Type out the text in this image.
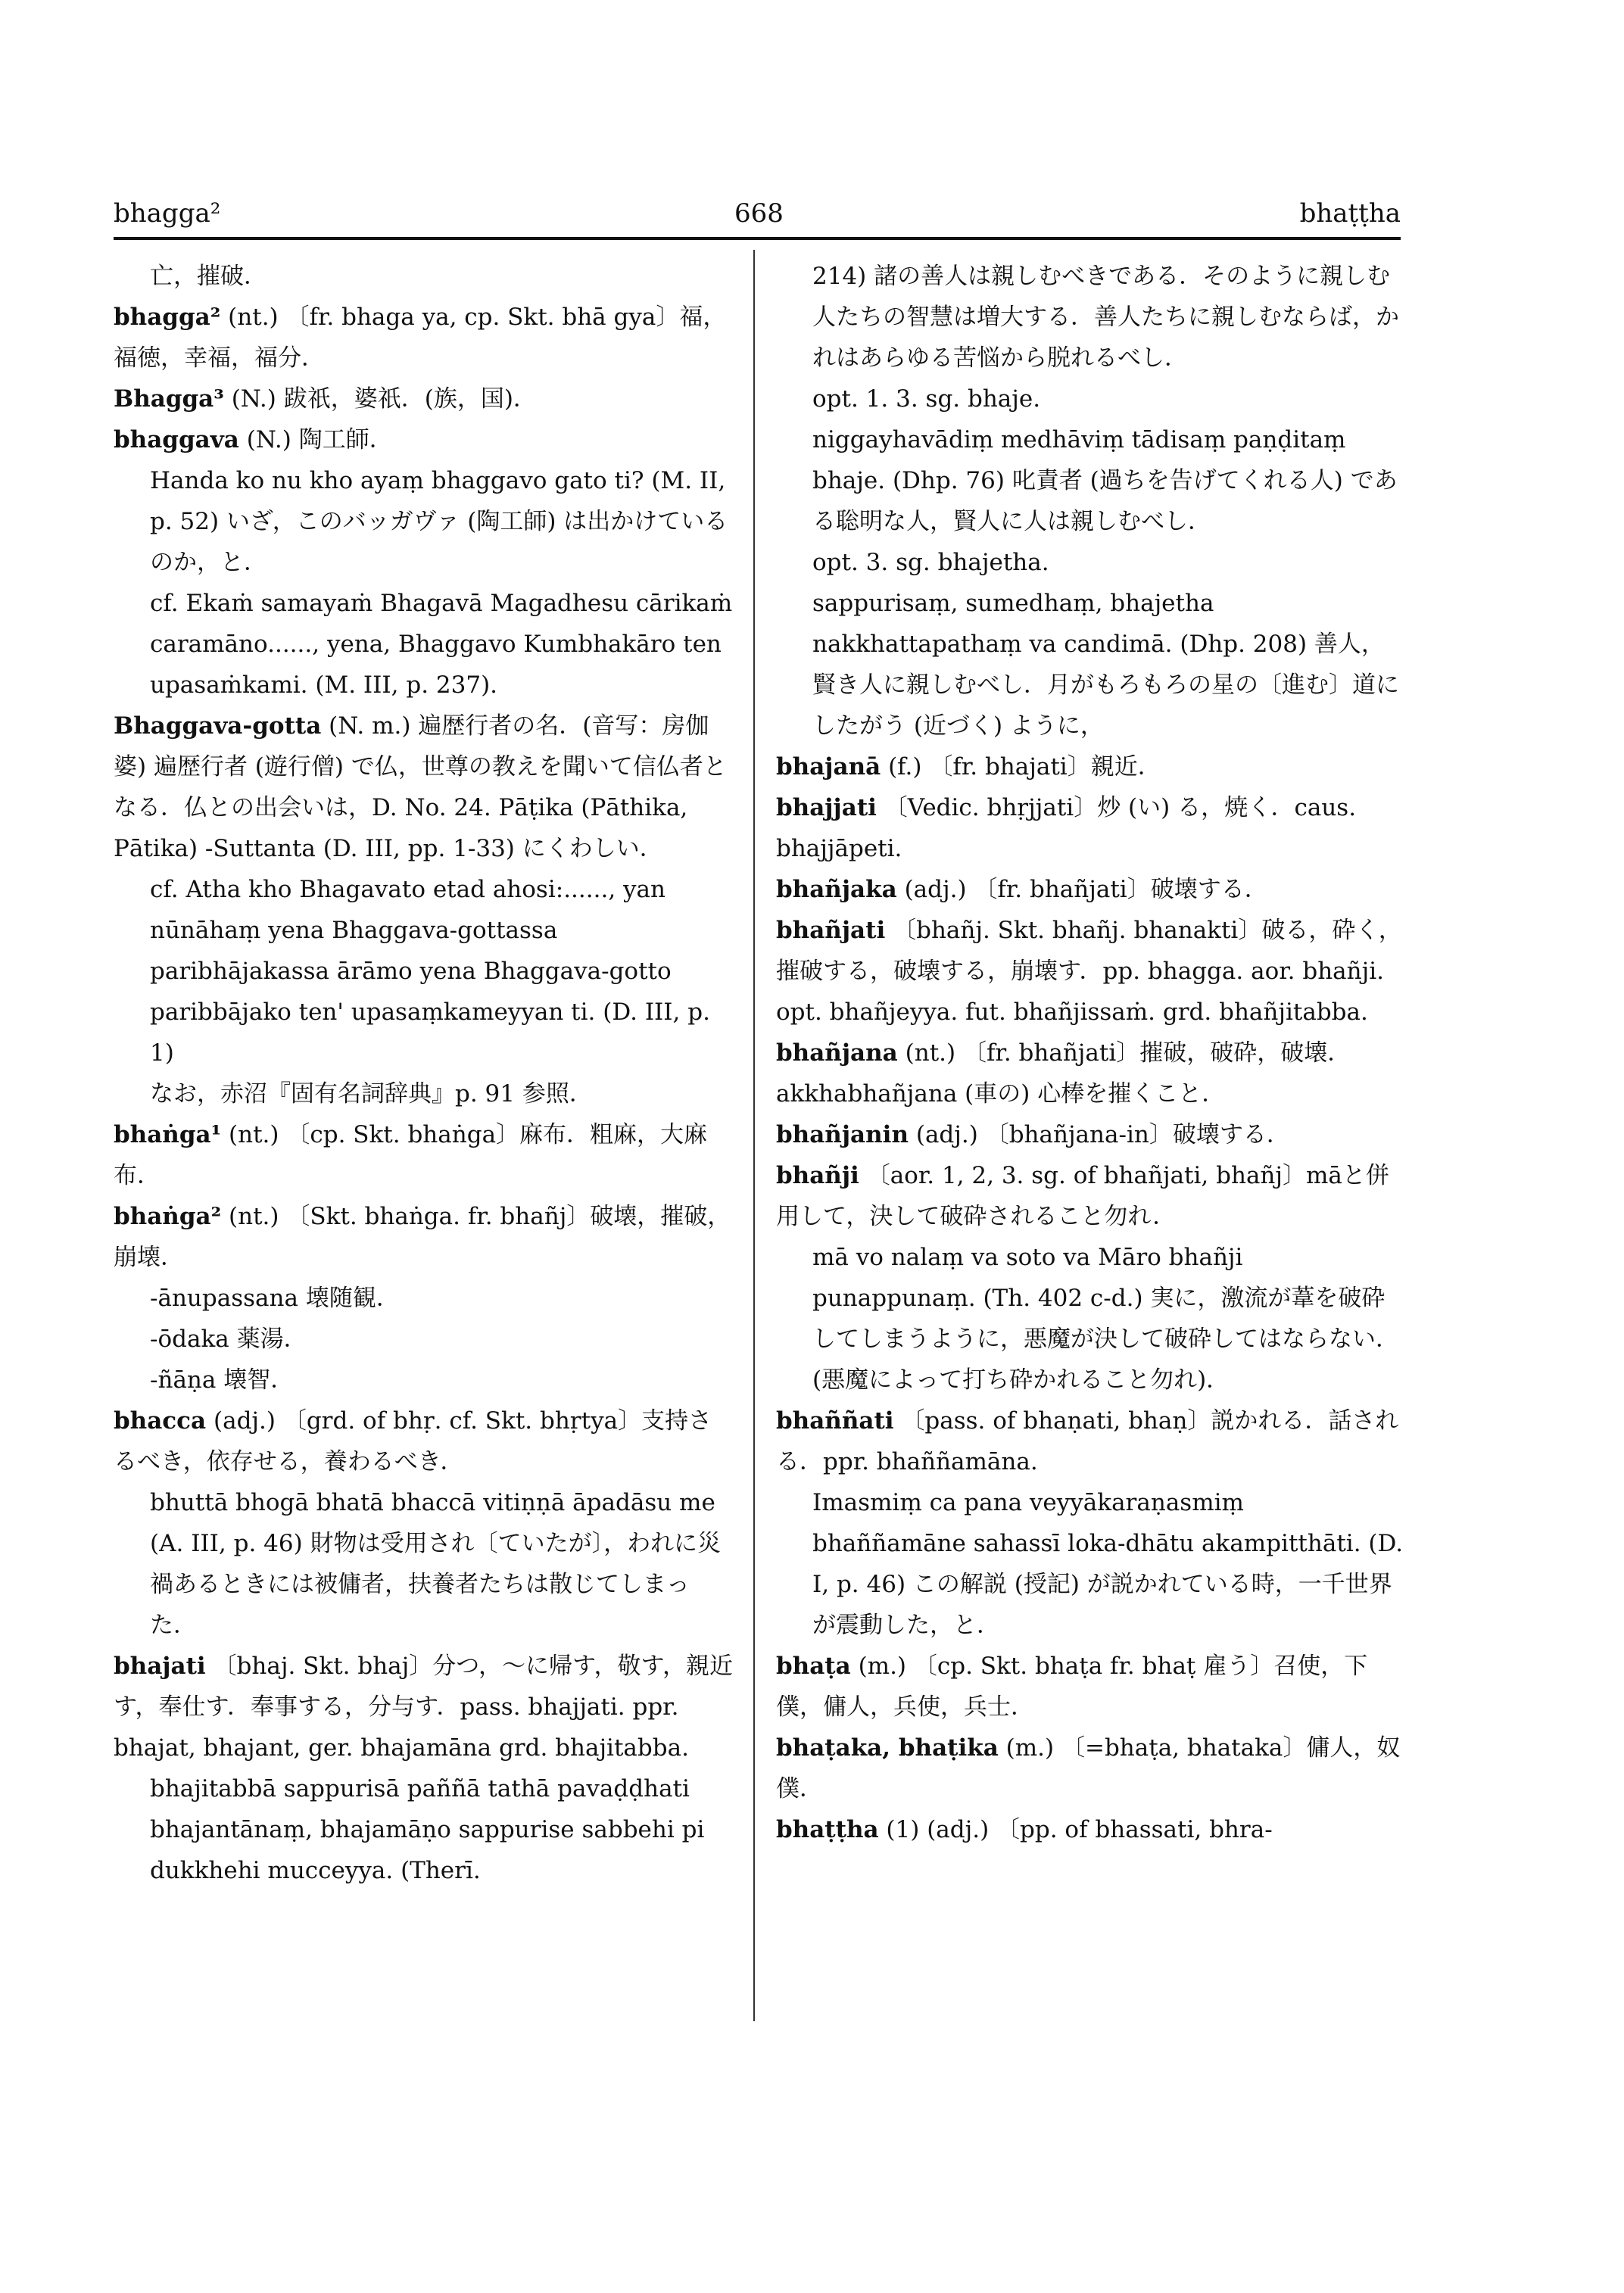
bhagga²	668	bhaṭṭha

亡，摧破．

bhagga² (nt.) 〔fr. bhaga ya, cp. Skt. bhā gya〕福，福徳，幸福，福分．

Bhagga³ (N.) 跋祇，婆祇．(族，国)．

bhaggava (N.) 陶工師．

Handa ko nu kho ayaṃ bhaggavo gato ti? (M. II, p. 52) いざ，このバッガヴァ (陶工師) は出かけているのか，と．

cf. Ekaṁ samayaṁ Bhagavā Magadhesu cārikaṁ caramāno......, yena, Bhaggavo Kumbhakāro ten upasaṁkami. (M. III, p. 237).

Bhaggava-gotta (N. m.) 遍歴行者の名．(音写：房伽婆) 遍歴行者 (遊行僧) で仏，世尊の教えを聞いて信仏者となる．仏との出会いは，D. No. 24. Pāṭika (Pāthika, Pātika) -Suttanta (D. III, pp. 1-33) にくわしい．

cf. Atha kho Bhagavato etad ahosi:......, yan nūnāhaṃ yena Bhaggava-gottassa paribhājakassa ārāmo yena Bhaggava-gotto paribbājako ten' upasaṃkameyyan ti. (D. III, p. 1)

なお，赤沼『固有名詞辞典』p. 91 参照．

bhaṅga¹ (nt.) 〔cp. Skt. bhaṅga〕麻布．粗麻，大麻布．

bhaṅga² (nt.) 〔Skt. bhaṅga. fr. bhañj〕破壊，摧破，崩壊．

-ānupassana 壊随観．

-ōdaka 薬湯．

-ñāṇa 壊智．

bhacca (adj.) 〔grd. of bhṛ. cf. Skt. bhṛtya〕支持さるべき，依存せる，養わるべき．

bhuttā bhogā bhatā bhaccā vitiṇṇā āpadāsu me (A. III, p. 46) 財物は受用され〔ていたが〕，われに災禍あるときには被傭者，扶養者たちは散じてしまった．

bhajati 〔bhaj. Skt. bhaj〕分つ，〜に帰す，敬す，親近す，奉仕す．奉事する，分与す．pass. bhajjati. ppr. bhajat, bhajant, ger. bhajamāna grd. bhajitabba.

bhajitabbā sappurisā paññā tathā pavaḍḍhati bhajantānaṃ, bhajamāṇo sappurise sabbehi pi dukkhehi mucceyya. (Therī.

214) 諸の善人は親しむべきである．そのように親しむ人たちの智慧は増大する．善人たちに親しむならば，かれはあらゆる苦悩から脱れるべし．

opt. 1. 3. sg. bhaje.

niggayhavādiṃ medhāviṃ tādisaṃ paṇḍitaṃ bhaje. (Dhp. 76) 叱責者 (過ちを告げてくれる人) である聡明な人，賢人に人は親しむべし．

opt. 3. sg. bhajetha.

sappurisaṃ, sumedhaṃ, bhajetha nakkhattapathaṃ va candimā. (Dhp. 208) 善人，賢き人に親しむべし．月がもろもろの星の〔進む〕道にしたがう (近づく) ように，

bhajanā (f.) 〔fr. bhajati〕親近．

bhajjati 〔Vedic. bhṛjjati〕炒 (い) る，焼く．caus. bhajjāpeti.

bhañjaka (adj.) 〔fr. bhañjati〕破壊する．

bhañjati 〔bhañj. Skt. bhañj. bhanakti〕破る，砕く，摧破する，破壊する，崩壊す．pp. bhagga. aor. bhañji. opt. bhañjeyya. fut. bhañjissaṁ. grd. bhañjitabba.

bhañjana (nt.) 〔fr. bhañjati〕摧破，破砕，破壊．akkhabhañjana (車の) 心棒を摧くこと．

bhañjanin (adj.) 〔bhañjana-in〕破壊する．

bhañji 〔aor. 1, 2, 3. sg. of bhañjati, bhañj〕māと併用して，決して破砕されること勿れ．

mā vo nalaṃ va soto va Māro bhañji punappunaṃ. (Th. 402 c-d.) 実に，激流が葦を破砕してしまうように，悪魔が決して破砕してはならない．(悪魔によって打ち砕かれること勿れ)．

bhaññati 〔pass. of bhaṇati, bhaṇ〕説かれる．話される．ppr. bhaññamāna.

Imasmiṃ ca pana veyyākaraṇasmiṃ bhaññamāne sahassī loka-dhātu akampitthāti. (D. I, p. 46) この解説 (授記) が説かれている時，一千世界が震動した，と．

bhaṭa (m.) 〔cp. Skt. bhaṭa fr. bhaṭ 雇う〕召使，下僕，傭人，兵使，兵士．

bhaṭaka, bhaṭika (m.) 〔=bhaṭa, bhataka〕傭人，奴僕．

bhaṭṭha (1) (adj.) 〔pp. of bhassati, bhra-
